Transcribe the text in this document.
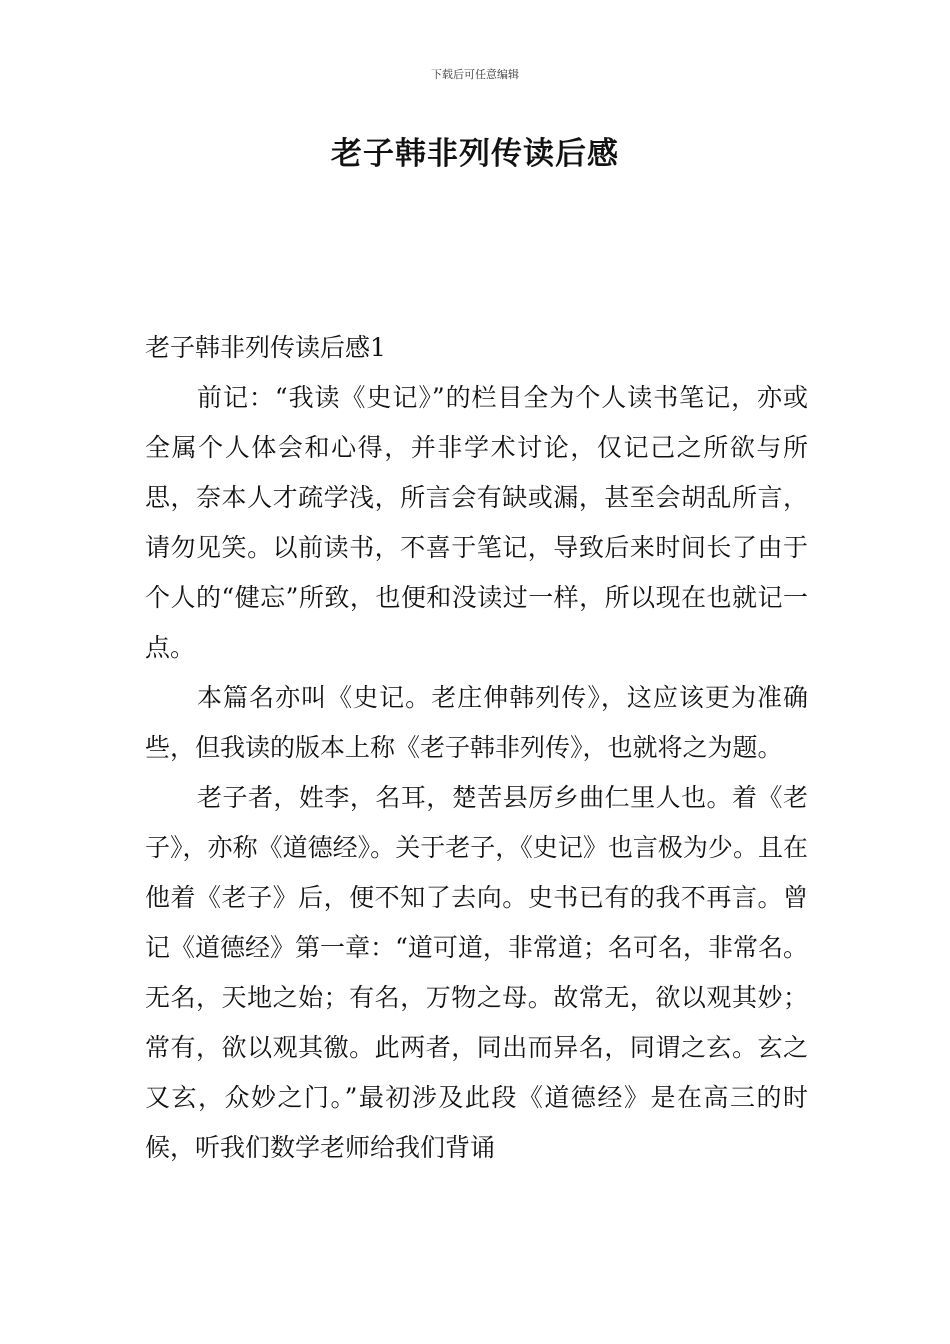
下载后可任意编辑
老子韩非列传读后感
老子韩非列传读后感1

前记：“我读《史记》”的栏目全为个人读书笔记，亦或全属个人体会和心得，并非学术讨论，仅记己之所欲与所思，奈本人才疏学浅，所言会有缺或漏，甚至会胡乱所言，请勿见笑。以前读书，不喜于笔记，导致后来时间长了由于个人的“健忘”所致，也便和没读过一样，所以现在也就记一点。

本篇名亦叫《史记。老庄伸韩列传》，这应该更为准确些，但我读的版本上称《老子韩非列传》，也就将之为题。

老子者，姓李，名耳，楚苦县厉乡曲仁里人也。着《老子》，亦称《道德经》。关于老子，《史记》也言极为少。且在他着《老子》后，便不知了去向。史书已有的我不再言。曾记《道德经》第一章：“道可道，非常道；名可名，非常名。无名，天地之始；有名，万物之母。故常无，欲以观其妙；常有，欲以观其徼。此两者，同出而异名，同谓之玄。玄之又玄，众妙之门。”最初涉及此段《道德经》是在高三的时候，听我们数学老师给我们背诵
